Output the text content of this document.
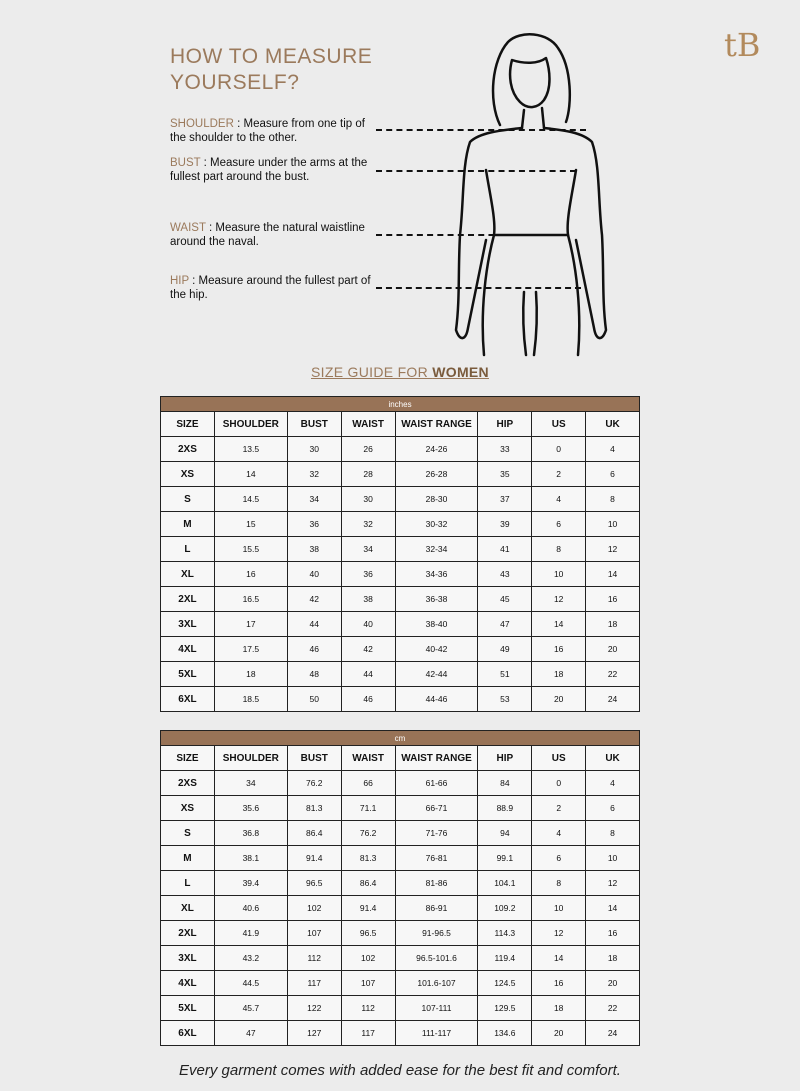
HOW TO MEASURE
YOURSELF?
tB
SHOULDER : Measure from one tip of the shoulder to the other.
BUST : Measure under the arms at the fullest part around the bust.
WAIST : Measure the natural waistline around the naval.
HIP : Measure around the fullest part of the hip.
SIZE GUIDE FOR WOMEN
inches							
SIZE	SHOULDER	BUST	WAIST	WAIST RANGE	HIP	US	UK
2XS	13.5	30	26	24-26	33	0	4
XS	14	32	28	26-28	35	2	6
S	14.5	34	30	28-30	37	4	8
M	15	36	32	30-32	39	6	10
L	15.5	38	34	32-34	41	8	12
XL	16	40	36	34-36	43	10	14
2XL	16.5	42	38	36-38	45	12	16
3XL	17	44	40	38-40	47	14	18
4XL	17.5	46	42	40-42	49	16	20
5XL	18	48	44	42-44	51	18	22
6XL	18.5	50	46	44-46	53	20	24
cm							
SIZE	SHOULDER	BUST	WAIST	WAIST RANGE	HIP	US	UK
2XS	34	76.2	66	61-66	84	0	4
XS	35.6	81.3	71.1	66-71	88.9	2	6
S	36.8	86.4	76.2	71-76	94	4	8
M	38.1	91.4	81.3	76-81	99.1	6	10
L	39.4	96.5	86.4	81-86	104.1	8	12
XL	40.6	102	91.4	86-91	109.2	10	14
2XL	41.9	107	96.5	91-96.5	114.3	12	16
3XL	43.2	112	102	96.5-101.6	119.4	14	18
4XL	44.5	117	107	101.6-107	124.5	16	20
5XL	45.7	122	112	107-111	129.5	18	22
6XL	47	127	117	111-117	134.6	20	24
Every garment comes with added ease for the best fit and comfort.
